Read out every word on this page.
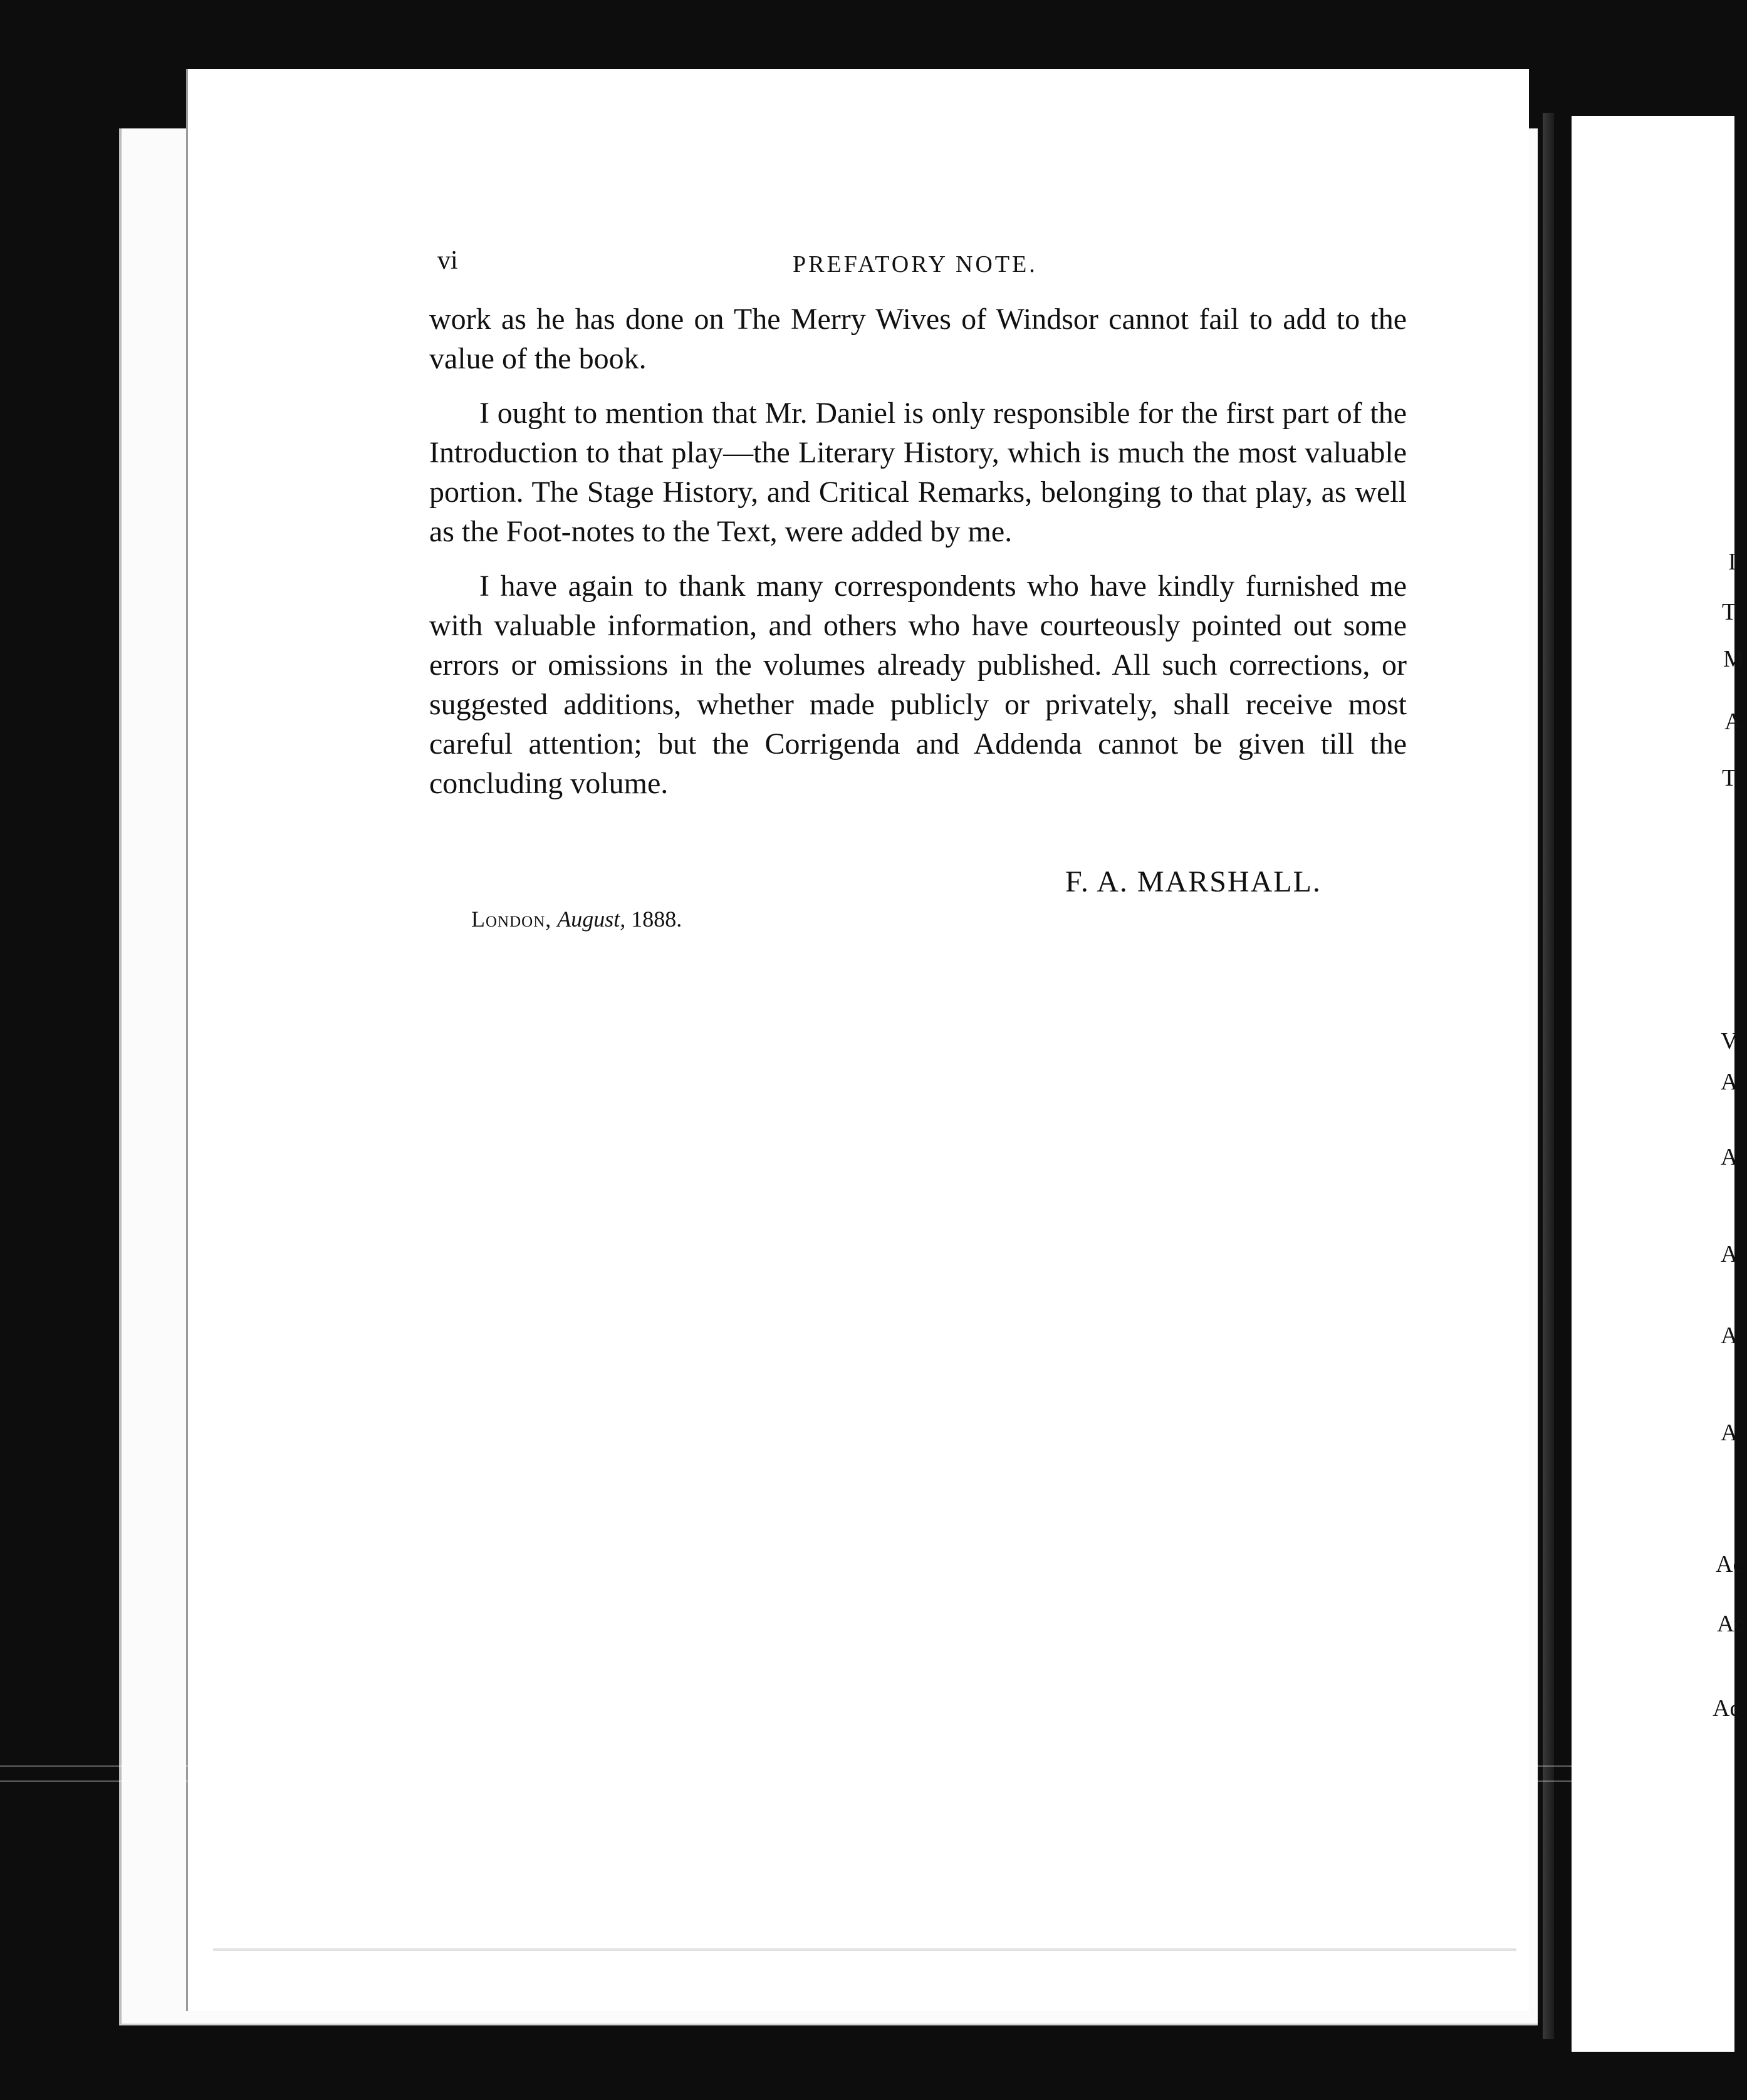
I
T
M
A
T
V
A
A
A
A
A
Ac
Ac
Ac
vi	PREFATORY NOTE.

work as he has done on The Merry Wives of Windsor cannot fail to add to the value of the book.

I ought to mention that Mr. Daniel is only responsible for the first part of the Introduction to that play—the Literary History, which is much the most valuable portion. The Stage History, and Critical Remarks, belonging to that play, as well as the Foot-notes to the Text, were added by me.

I have again to thank many correspondents who have kindly furnished me with valuable information, and others who have courteously pointed out some errors or omissions in the volumes already published. All such corrections, or suggested additions, whether made publicly or privately, shall receive most careful attention; but the Corrigenda and Addenda cannot be given till the concluding volume.

F. A. MARSHALL.
London, August, 1888.
